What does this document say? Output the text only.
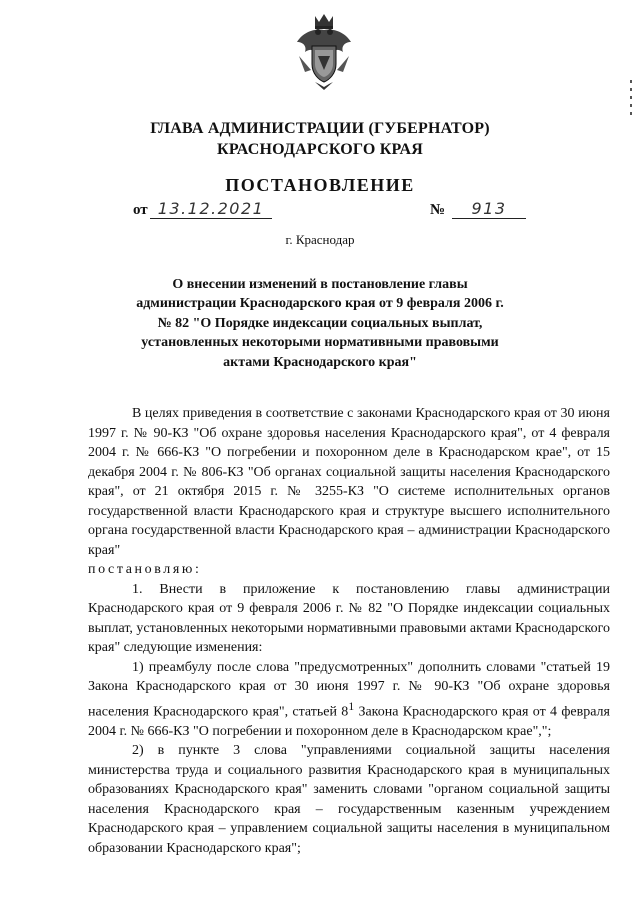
ГЛАВА АДМИНИСТРАЦИИ (ГУБЕРНАТОР)
КРАСНОДАРСКОГО КРАЯ
ПОСТАНОВЛЕНИЕ
от 13.12.2021	№	913
г. Краснодар
О внесении изменений в постановление главы
администрации Краснодарского края от 9 февраля 2006 г.
№ 82 "О Порядке индексации социальных выплат,
установленных некоторыми нормативными правовыми
актами Краснодарского края"

В целях приведения в соответствие с законами Краснодарского края от 30 июня 1997 г. № 90-КЗ "Об охране здоровья населения Краснодарского края", от 4 февраля 2004 г. № 666-КЗ "О погребении и похоронном деле в Краснодарском крае", от 15 декабря 2004 г. № 806-КЗ "Об органах социальной защиты населения Краснодарского края", от 21 октября 2015 г. № 3255-КЗ "О системе исполнительных органов государственной власти Краснодарского края и структуре высшего исполнительного органа государственной власти Краснодарского края – администрации Краснодарского края"

постановляю:

1. Внести в приложение к постановлению главы администрации Краснодарского края от 9 февраля 2006 г. № 82 "О Порядке индексации социальных выплат, установленных некоторыми нормативными правовыми актами Краснодарского края" следующие изменения:

1) преамбулу после слова "предусмотренных" дополнить словами "статьей 19 Закона Краснодарского края от 30 июня 1997 г. № 90-КЗ "Об охране здоровья населения Краснодарского края", статьей $8^1$ Закона Краснодарского края от 4 февраля 2004 г. № 666-КЗ "О погребении и похоронном деле в Краснодарском крае",";

2) в пункте 3 слова "управлениями социальной защиты населения министерства труда и социального развития Краснодарского края в муниципальных образованиях Краснодарского края" заменить словами "органом социальной защиты населения Краснодарского края – государственным казенным учреждением Краснодарского края – управлением социальной защиты населения в муниципальном образовании Краснодарского края";
